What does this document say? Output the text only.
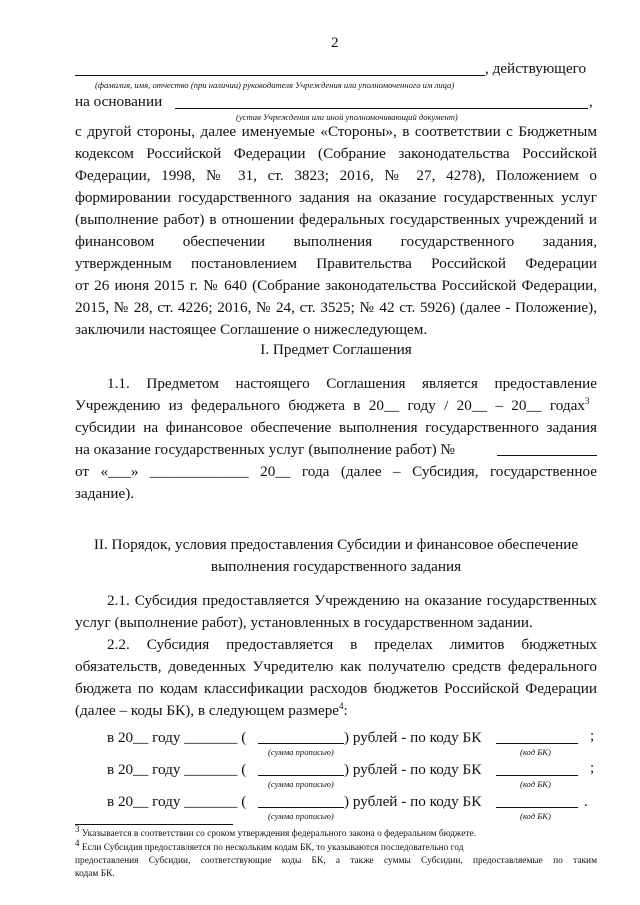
2
, действующего
(фамилия, имя, отчество (при наличии) руководителя Учреждения или уполномоченного им лица)
на основании	,
(устав Учреждения или иной уполномочивающий документ)
с другой стороны, далее именуемые «Стороны», в соответствии с Бюджетным
кодексом Российской Федерации (Собрание законодательства Российской
Федерации, 1998, № 31, ст. 3823; 2016, № 27, 4278), Положением о
формировании государственного задания на оказание государственных услуг
(выполнение работ) в отношении федеральных государственных учреждений и
финансовом обеспечении выполнения государственного задания,
утвержденным постановлением Правительства Российской Федерации
от 26 июня 2015 г. № 640 (Собрание законодательства Российской Федерации,
2015, № 28, ст. 4226; 2016, № 24, ст. 3525; № 42 ст. 5926) (далее - Положение),
I. Предмет Соглашения
1.1. Предметом настоящего Соглашения является предоставление
Учреждению из федерального бюджета в 20__ году / 20__ – 20__ годах$^3$
субсидии на финансовое обеспечение выполнения государственного задания
на оказание государственных услуг (выполнение работ) №
от «___» _____________ 20__ года (далее – Субсидия, государственное
задание).
II. Порядок, условия предоставления Субсидии и финансовое обеспечение
выполнения государственного задания
2.1. Субсидия предоставляется Учреждению на оказание государственных
услуг (выполнение работ), установленных в государственном задании.
2.2. Субсидия предоставляется в пределах лимитов бюджетных
обязательств, доведенных Учредителю как получателю средств федерального
бюджета по кодам классификации расходов бюджетов Российской Федерации
(далее – коды БК), в следующем размере$^4$:
в 20__ году _______ (	) рублей - по коду БК	;
(сумма прописью)	(код БК)
в 20__ году _______ (	) рублей - по коду БК	;
(сумма прописью)	(код БК)
в 20__ году _______ (	) рублей - по коду БК	.
(сумма прописью)	(код БК)
$^3$ Указывается в соответствии со сроком утверждения федерального закона о федеральном бюджете.
$^4$ Если Субсидия предоставляется по нескольким кодам БК, то указываются последовательно год
предоставления Субсидии, соответствующие коды БК, а также суммы Субсидии, предоставляемые по таким
кодам БК.
заключили настоящее Соглашение о нижеследующем.
